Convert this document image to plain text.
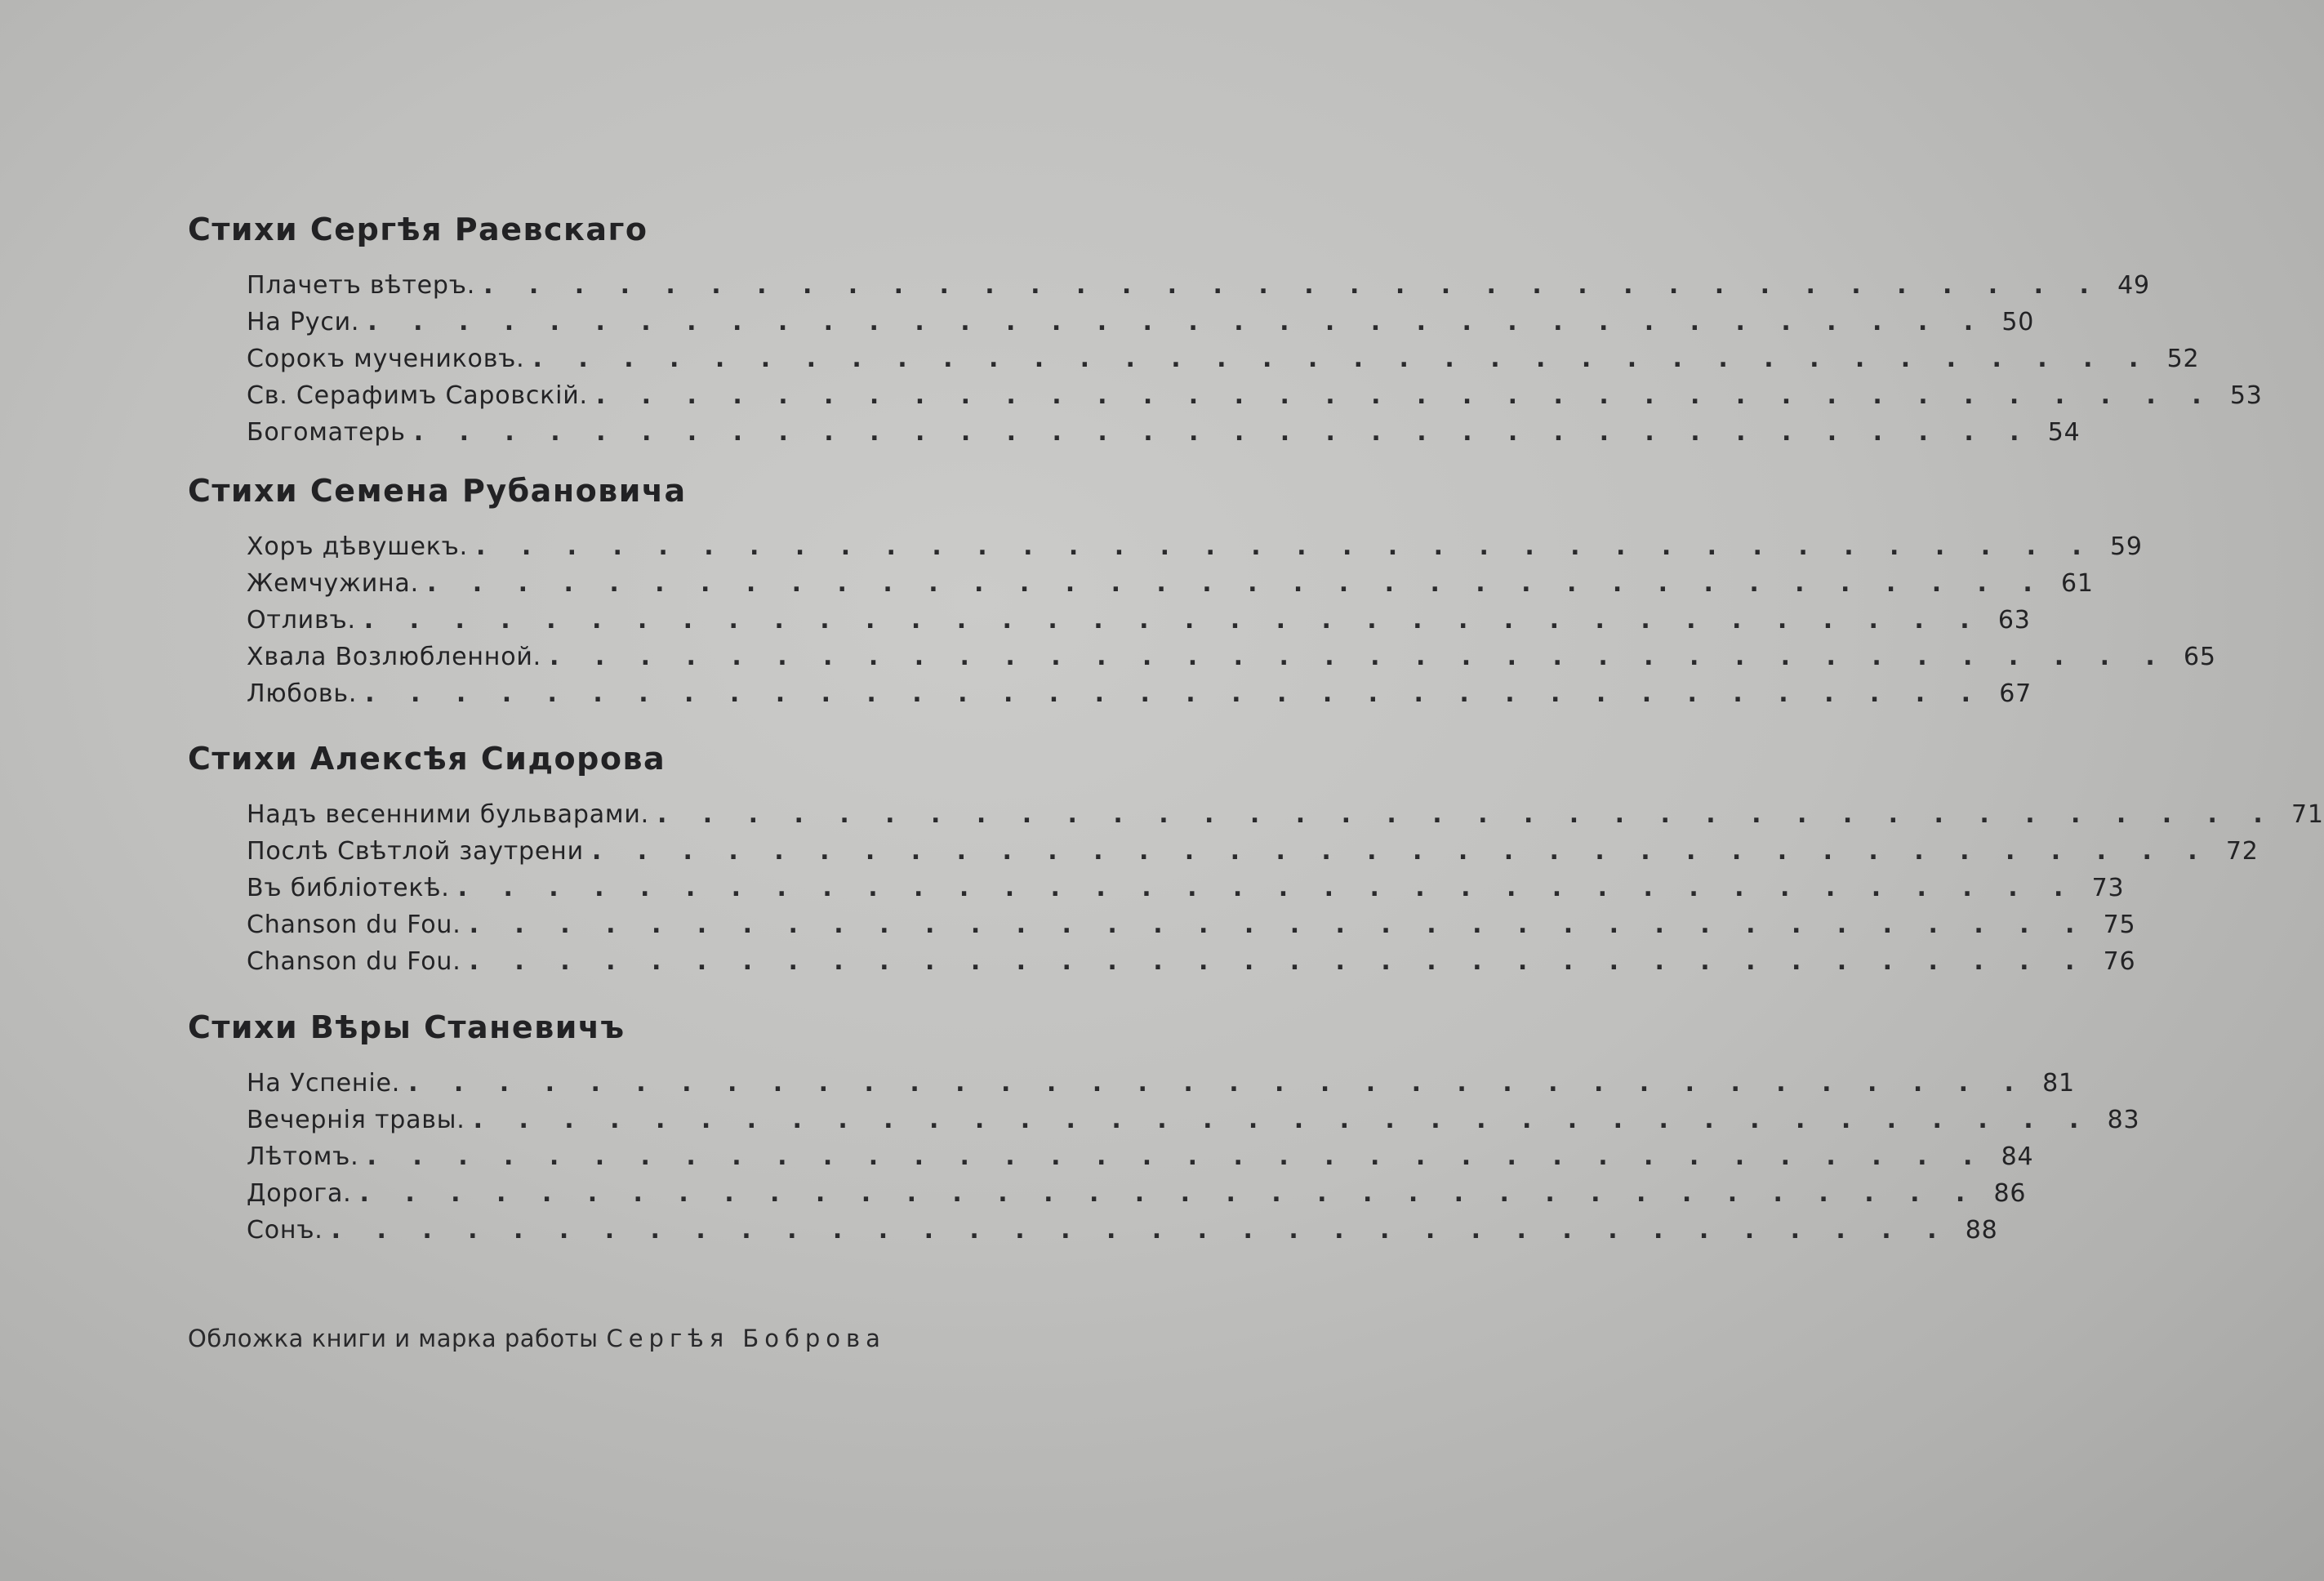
Стихи Сергѣя Раевскаго
Плачетъ вѣтеръ. . . . . . . . . . . . . . . . . . . . . . . . . . . . . . . . . . . . . 49
На Руси. . . . . . . . . . . . . . . . . . . . . . . . . . . . . . . . . . . . . 50
Сорокъ мучениковъ. . . . . . . . . . . . . . . . . . . . . . . . . . . . . . . . . . . . . 52
Св. Серафимъ Саровскій. . . . . . . . . . . . . . . . . . . . . . . . . . . . . . . . . . . . . 53
Богоматерь . . . . . . . . . . . . . . . . . . . . . . . . . . . . . . . . . . . . 54
Стихи Семена Рубановича
Хоръ дѣвушекъ. . . . . . . . . . . . . . . . . . . . . . . . . . . . . . . . . . . . . 59
Жемчужина. . . . . . . . . . . . . . . . . . . . . . . . . . . . . . . . . . . . . 61
Отливъ. . . . . . . . . . . . . . . . . . . . . . . . . . . . . . . . . . . . . 63
Хвала Возлюбленной. . . . . . . . . . . . . . . . . . . . . . . . . . . . . . . . . . . . . 65
Любовь. . . . . . . . . . . . . . . . . . . . . . . . . . . . . . . . . . . . . 67
Стихи Алексѣя Сидорова
Надъ весенними бульварами. . . . . . . . . . . . . . . . . . . . . . . . . . . . . . . . . . . . . 71
Послѣ Свѣтлой заутрени . . . . . . . . . . . . . . . . . . . . . . . . . . . . . . . . . . . . 72
Въ библіотекѣ. . . . . . . . . . . . . . . . . . . . . . . . . . . . . . . . . . . . . 73
Chanson du Fou. . . . . . . . . . . . . . . . . . . . . . . . . . . . . . . . . . . . . 75
Chanson du Fou. . . . . . . . . . . . . . . . . . . . . . . . . . . . . . . . . . . . . 76
Стихи Вѣры Станевичъ
На Успеніе. . . . . . . . . . . . . . . . . . . . . . . . . . . . . . . . . . . . . 81
Вечернія травы. . . . . . . . . . . . . . . . . . . . . . . . . . . . . . . . . . . . . 83
Лѣтомъ. . . . . . . . . . . . . . . . . . . . . . . . . . . . . . . . . . . . . 84
Дорога. . . . . . . . . . . . . . . . . . . . . . . . . . . . . . . . . . . . . 86
Сонъ. . . . . . . . . . . . . . . . . . . . . . . . . . . . . . . . . . . . . 88
Обложка книги и марка работы Сергѣя Боброва
